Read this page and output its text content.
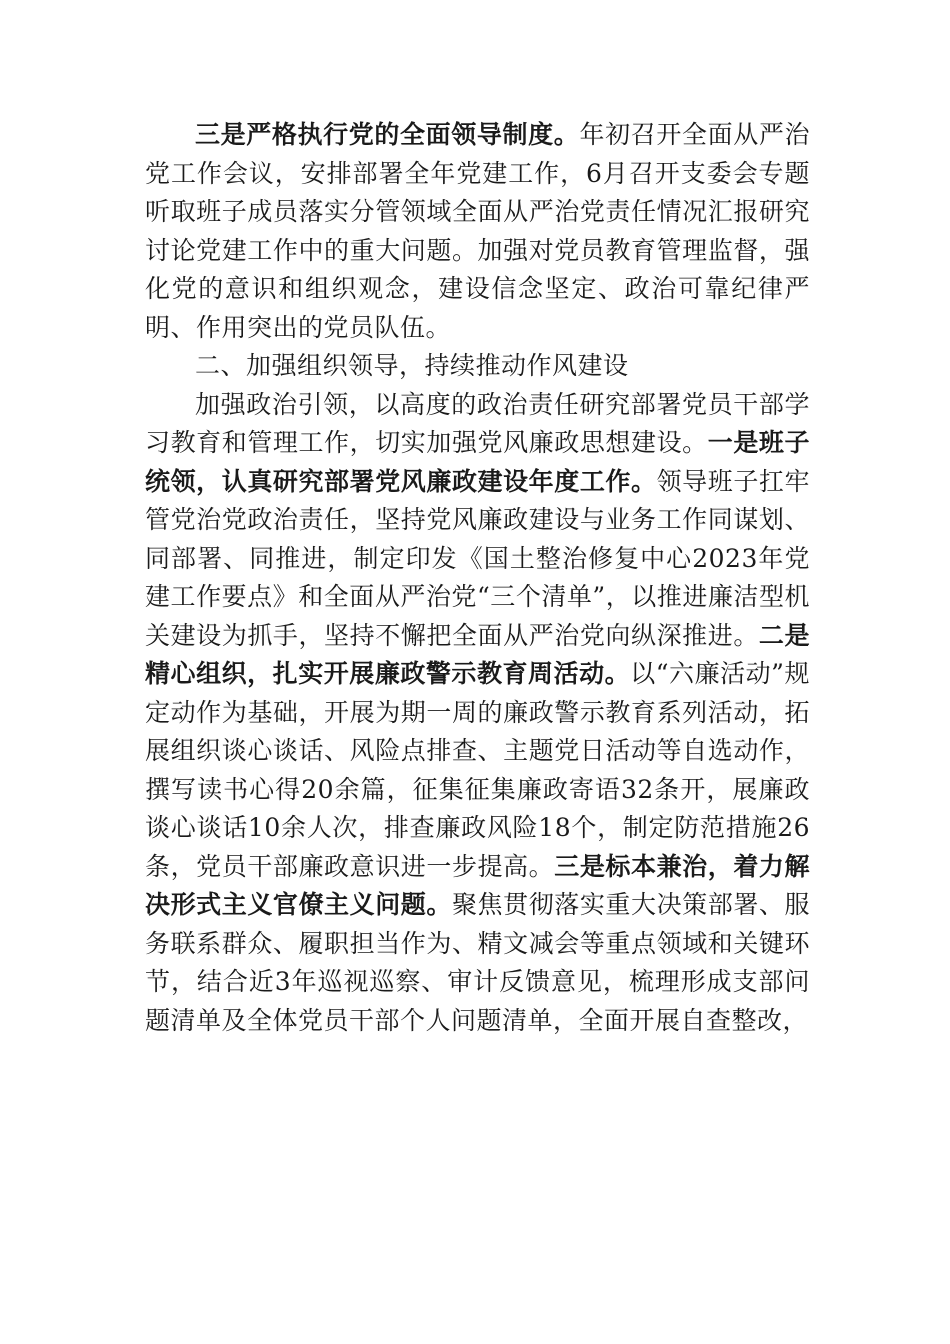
三是严格执行党的全面领导制度。年初召开全面从严治党工作会议，安排部署全年党建工作，6月召开支委会专题听取班子成员落实分管领域全面从严治党责任情况汇报研究讨论党建工作中的重大问题。加强对党员教育管理监督，强化党的意识和组织观念，建设信念坚定、政治可靠纪律严明、作用突出的党员队伍。

二、加强组织领导，持续推动作风建设

加强政治引领，以高度的政治责任研究部署党员干部学习教育和管理工作，切实加强党风廉政思想建设。一是班子统领，认真研究部署党风廉政建设年度工作。领导班子扛牢管党治党政治责任，坚持党风廉政建设与业务工作同谋划、同部署、同推进，制定印发《国土整治修复中心2023年党建工作要点》和全面从严治党“三个清单”，以推进廉洁型机关建设为抓手，坚持不懈把全面从严治党向纵深推进。二是精心组织，扎实开展廉政警示教育周活动。以“六廉活动”规定动作为基础，开展为期一周的廉政警示教育系列活动，拓展组织谈心谈话、风险点排查、主题党日活动等自选动作，撰写读书心得20余篇，征集征集廉政寄语32条开，展廉政谈心谈话10余人次，排查廉政风险18个，制定防范措施26条，党员干部廉政意识进一步提高。三是标本兼治，着力解决形式主义官僚主义问题。聚焦贯彻落实重大决策部署、服务联系群众、履职担当作为、精文减会等重点领域和关键环节，结合近3年巡视巡察、审计反馈意见，梳理形成支部问题清单及全体党员干部个人问题清单，全面开展自查整改，
